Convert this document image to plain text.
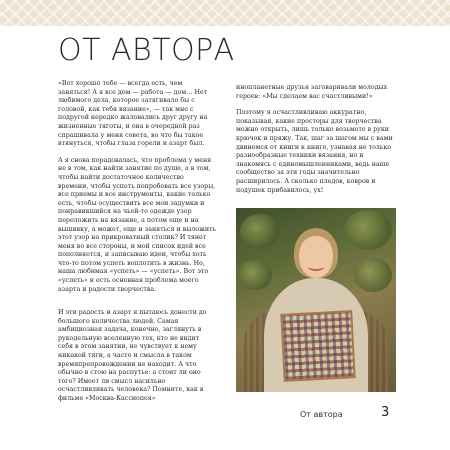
ОТ АВТОРА

«Вот хорошо тебе — всегда есть, чем заняться! А я все дом — работа — дом… Нет любимого дела, которое затягивало бы с головой, как тебя вязание», — так мне с подругой нередко жаловались друг другу на жизненные тяготы, и она в очередной раз спрашивала у меня совета, во что бы такое втянуться, чтобы глаза горели и азарт был.

А я снова порадовалась, что проблема у меня не в том, как найти занятие по душе, а в том, чтобы найти достаточное количество времени, чтобы успеть попробовать все узоры, все приемы и все инструменты, какие только есть, чтобы осуществить все мои задумки и понравившийся на чьей-то одежде узор переложить на вязание, а потом еще и на вышивку, а может, еще и заняться и выложить этот узор на прикроватный столик? И тянет меня во все стороны, и мой список идей все пополняется, и записываю идеи, чтобы хоть что-то потом успеть воплотить в жизнь. Но, наша любимая «успеть» — «успеть». Вот это «успеть» и есть основная проблема моего азарта и радости творчества.

И эти радость и азарт я пытаюсь донести до большого количества людей. Самая амбициозная задача, конечно, заглянуть в рукодельную вселенную тех, кто не видит себя в этом занятии, не чувствует к нему никакой тяги, а часто и смысла в таком времяпрепровождении не находит. А что обычно в стою на распутье: а стоит ли оно того? Имеет ли смысл насильно осчастливливать человека? Помните, как в фильме «Москва-Кассиопея»

инопланетные друзья заговаривали молодых героев: «Мы сделаем вас счастливыми!»

Поэтому я осчастливливаю аккуратно, показывая, какие просторы для творчества можно открыть, лишь только возьмете в руки крючок и пряжу. Так, шаг за шагом мы с вами двинемся от книги к книге, узнавая не только разнообразные техники вязания, но и знакомясь с единомышленниками, ведь наше сообщество за эти годы значительно расширилось. А сколько пледов, ковров и подушек прибавилось, ух!

От автора	3
